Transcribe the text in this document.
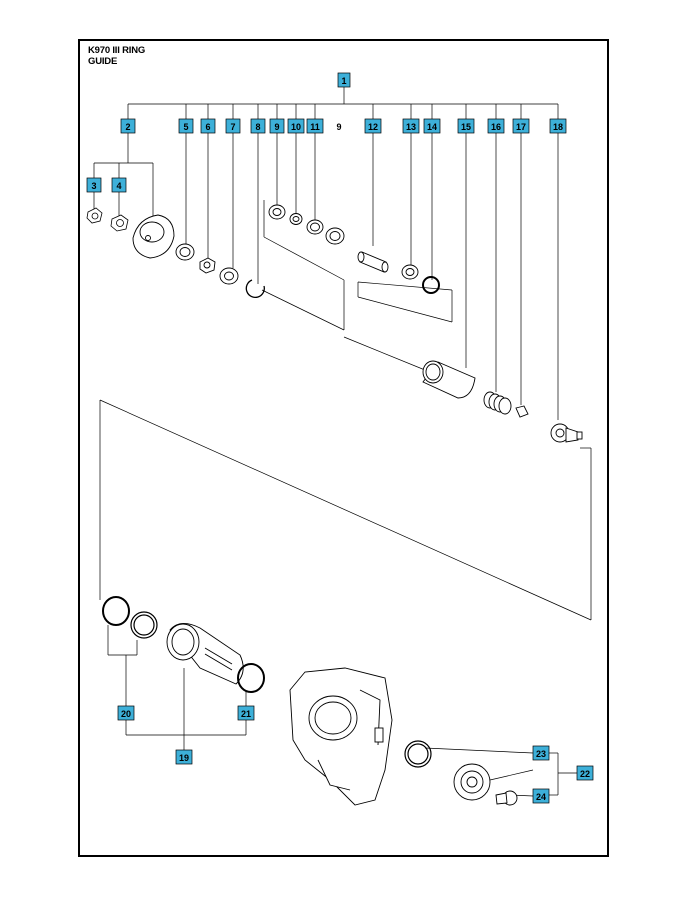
K970 III RING
GUIDE
1
2
3 4
5 6 7 8 9 10 11 9	12	13 14	15 16 17	18
20	21
19	23
22
24
